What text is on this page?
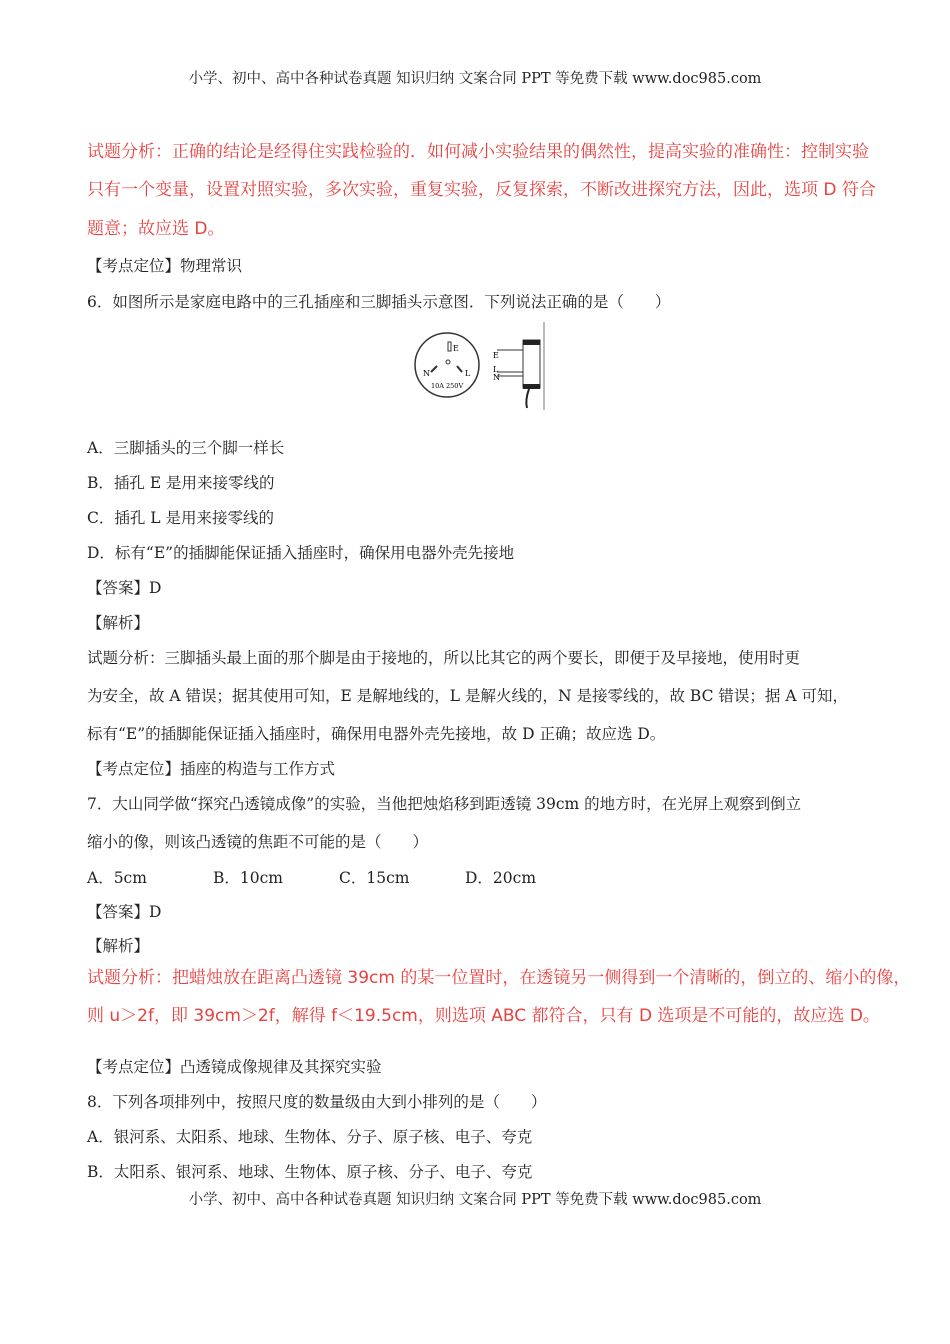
小学、初中、高中各种试卷真题 知识归纳 文案合同 PPT 等免费下载 www.doc985.com
试题分析：正确的结论是经得住实践检验的．如何减小实验结果的偶然性，提高实验的准确性：控制实验
只有一个变量，设置对照实验，多次实验，重复实验，反复探索，不断改进探究方法，因此，选项 D 符合
题意；故应选 D。
【考点定位】物理常识
6．如图所示是家庭电路中的三孔插座和三脚插头示意图．下列说法正确的是（　　）
E
N	L
10A 250V
E
L
N
A．三脚插头的三个脚一样长
B．插孔 E 是用来接零线的
C．插孔 L 是用来接零线的
D．标有“E”的插脚能保证插入插座时，确保用电器外壳先接地
【答案】D
【解析】
试题分析：三脚插头最上面的那个脚是由于接地的，所以比其它的两个要长，即便于及早接地，使用时更
为安全，故 A 错误；据其使用可知，E 是解地线的，L 是解火线的，N 是接零线的，故 BC 错误；据 A 可知，
标有“E”的插脚能保证插入插座时，确保用电器外壳先接地，故 D 正确；故应选 D。
【考点定位】插座的构造与工作方式
7．大山同学做“探究凸透镜成像”的实验，当他把烛焰移到距透镜 39cm 的地方时，在光屏上观察到倒立
缩小的像，则该凸透镜的焦距不可能的是（　　）
A．5cm	B．10cm	C．15cm	D．20cm
【答案】D
【解析】
试题分析：把蜡烛放在距离凸透镜 39cm 的某一位置时，在透镜另一侧得到一个清晰的，倒立的、缩小的像，
则 u＞2f，即 39cm＞2f，解得 f＜19.5cm，则选项 ABC 都符合，只有 D 选项是不可能的，故应选 D。
【考点定位】凸透镜成像规律及其探究实验
8．下列各项排列中，按照尺度的数量级由大到小排列的是（　　）
A．银河系、太阳系、地球、生物体、分子、原子核、电子、夸克
B．太阳系、银河系、地球、生物体、原子核、分子、电子、夸克
小学、初中、高中各种试卷真题 知识归纳 文案合同 PPT 等免费下载 www.doc985.com
